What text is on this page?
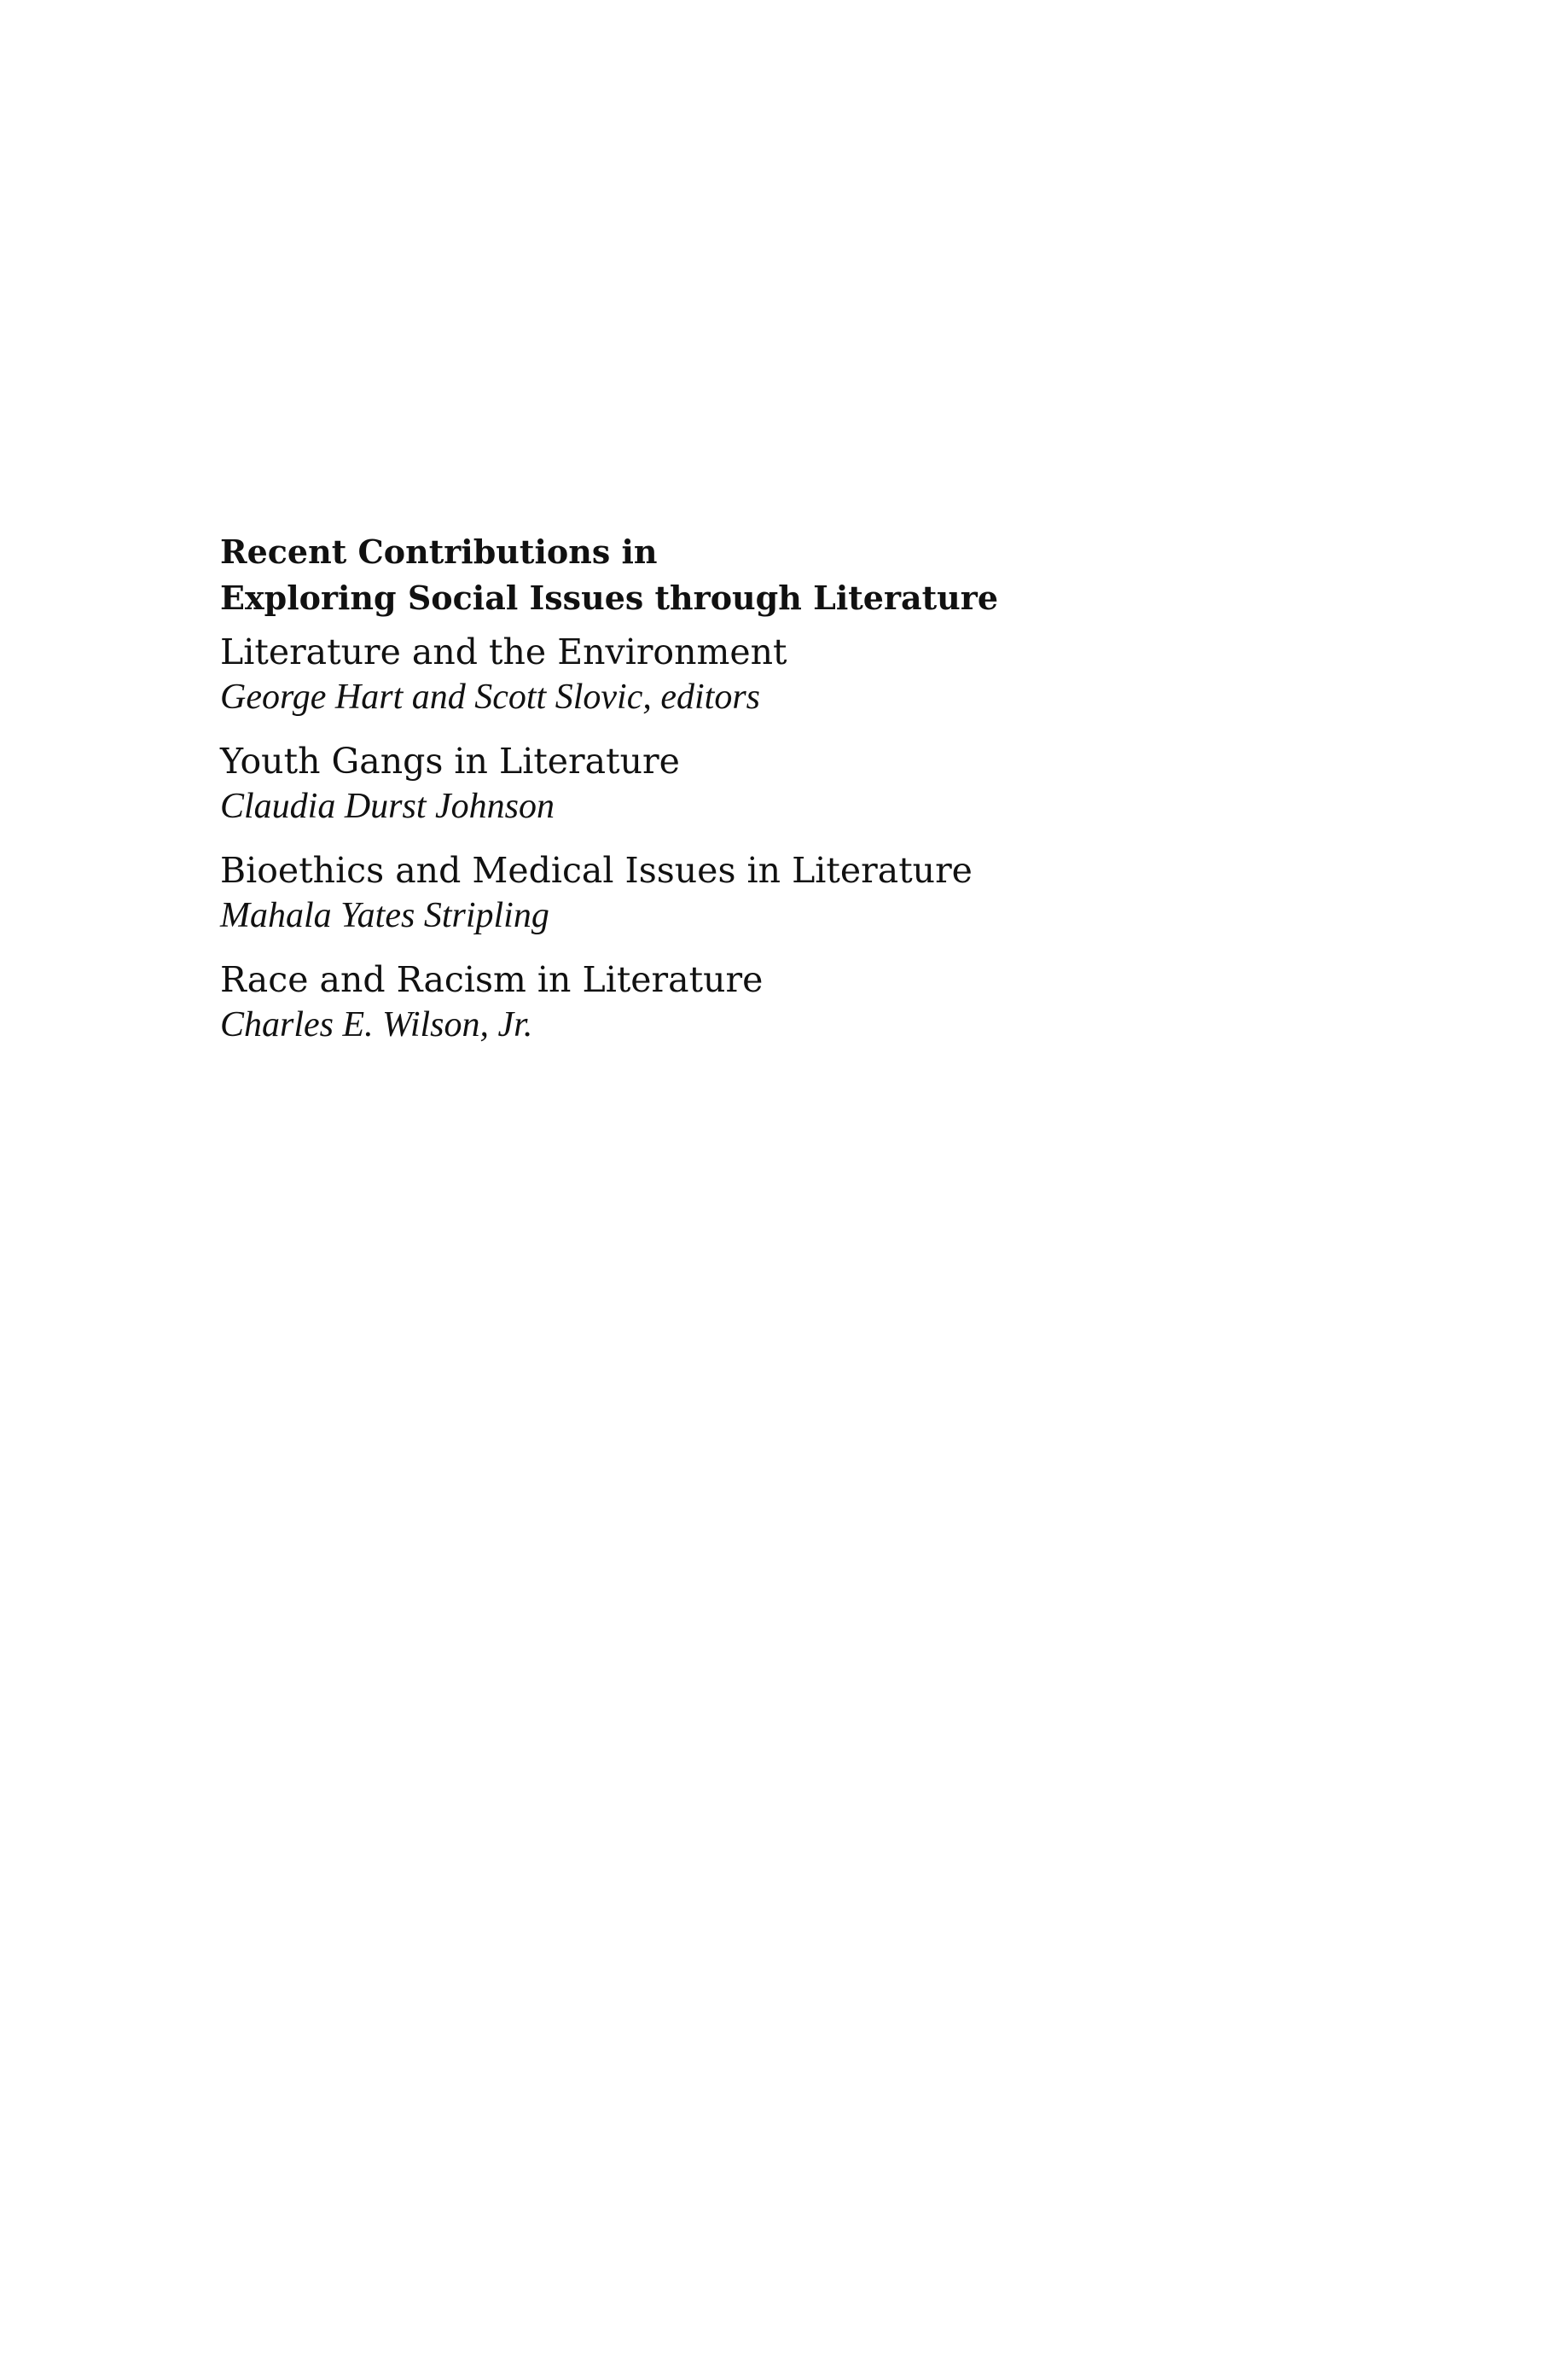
Recent Contributions in
Exploring Social Issues through Literature
Literature and the Environment
George Hart and Scott Slovic, editors
Youth Gangs in Literature
Claudia Durst Johnson
Bioethics and Medical Issues in Literature
Mahala Yates Stripling
Race and Racism in Literature
Charles E. Wilson, Jr.
